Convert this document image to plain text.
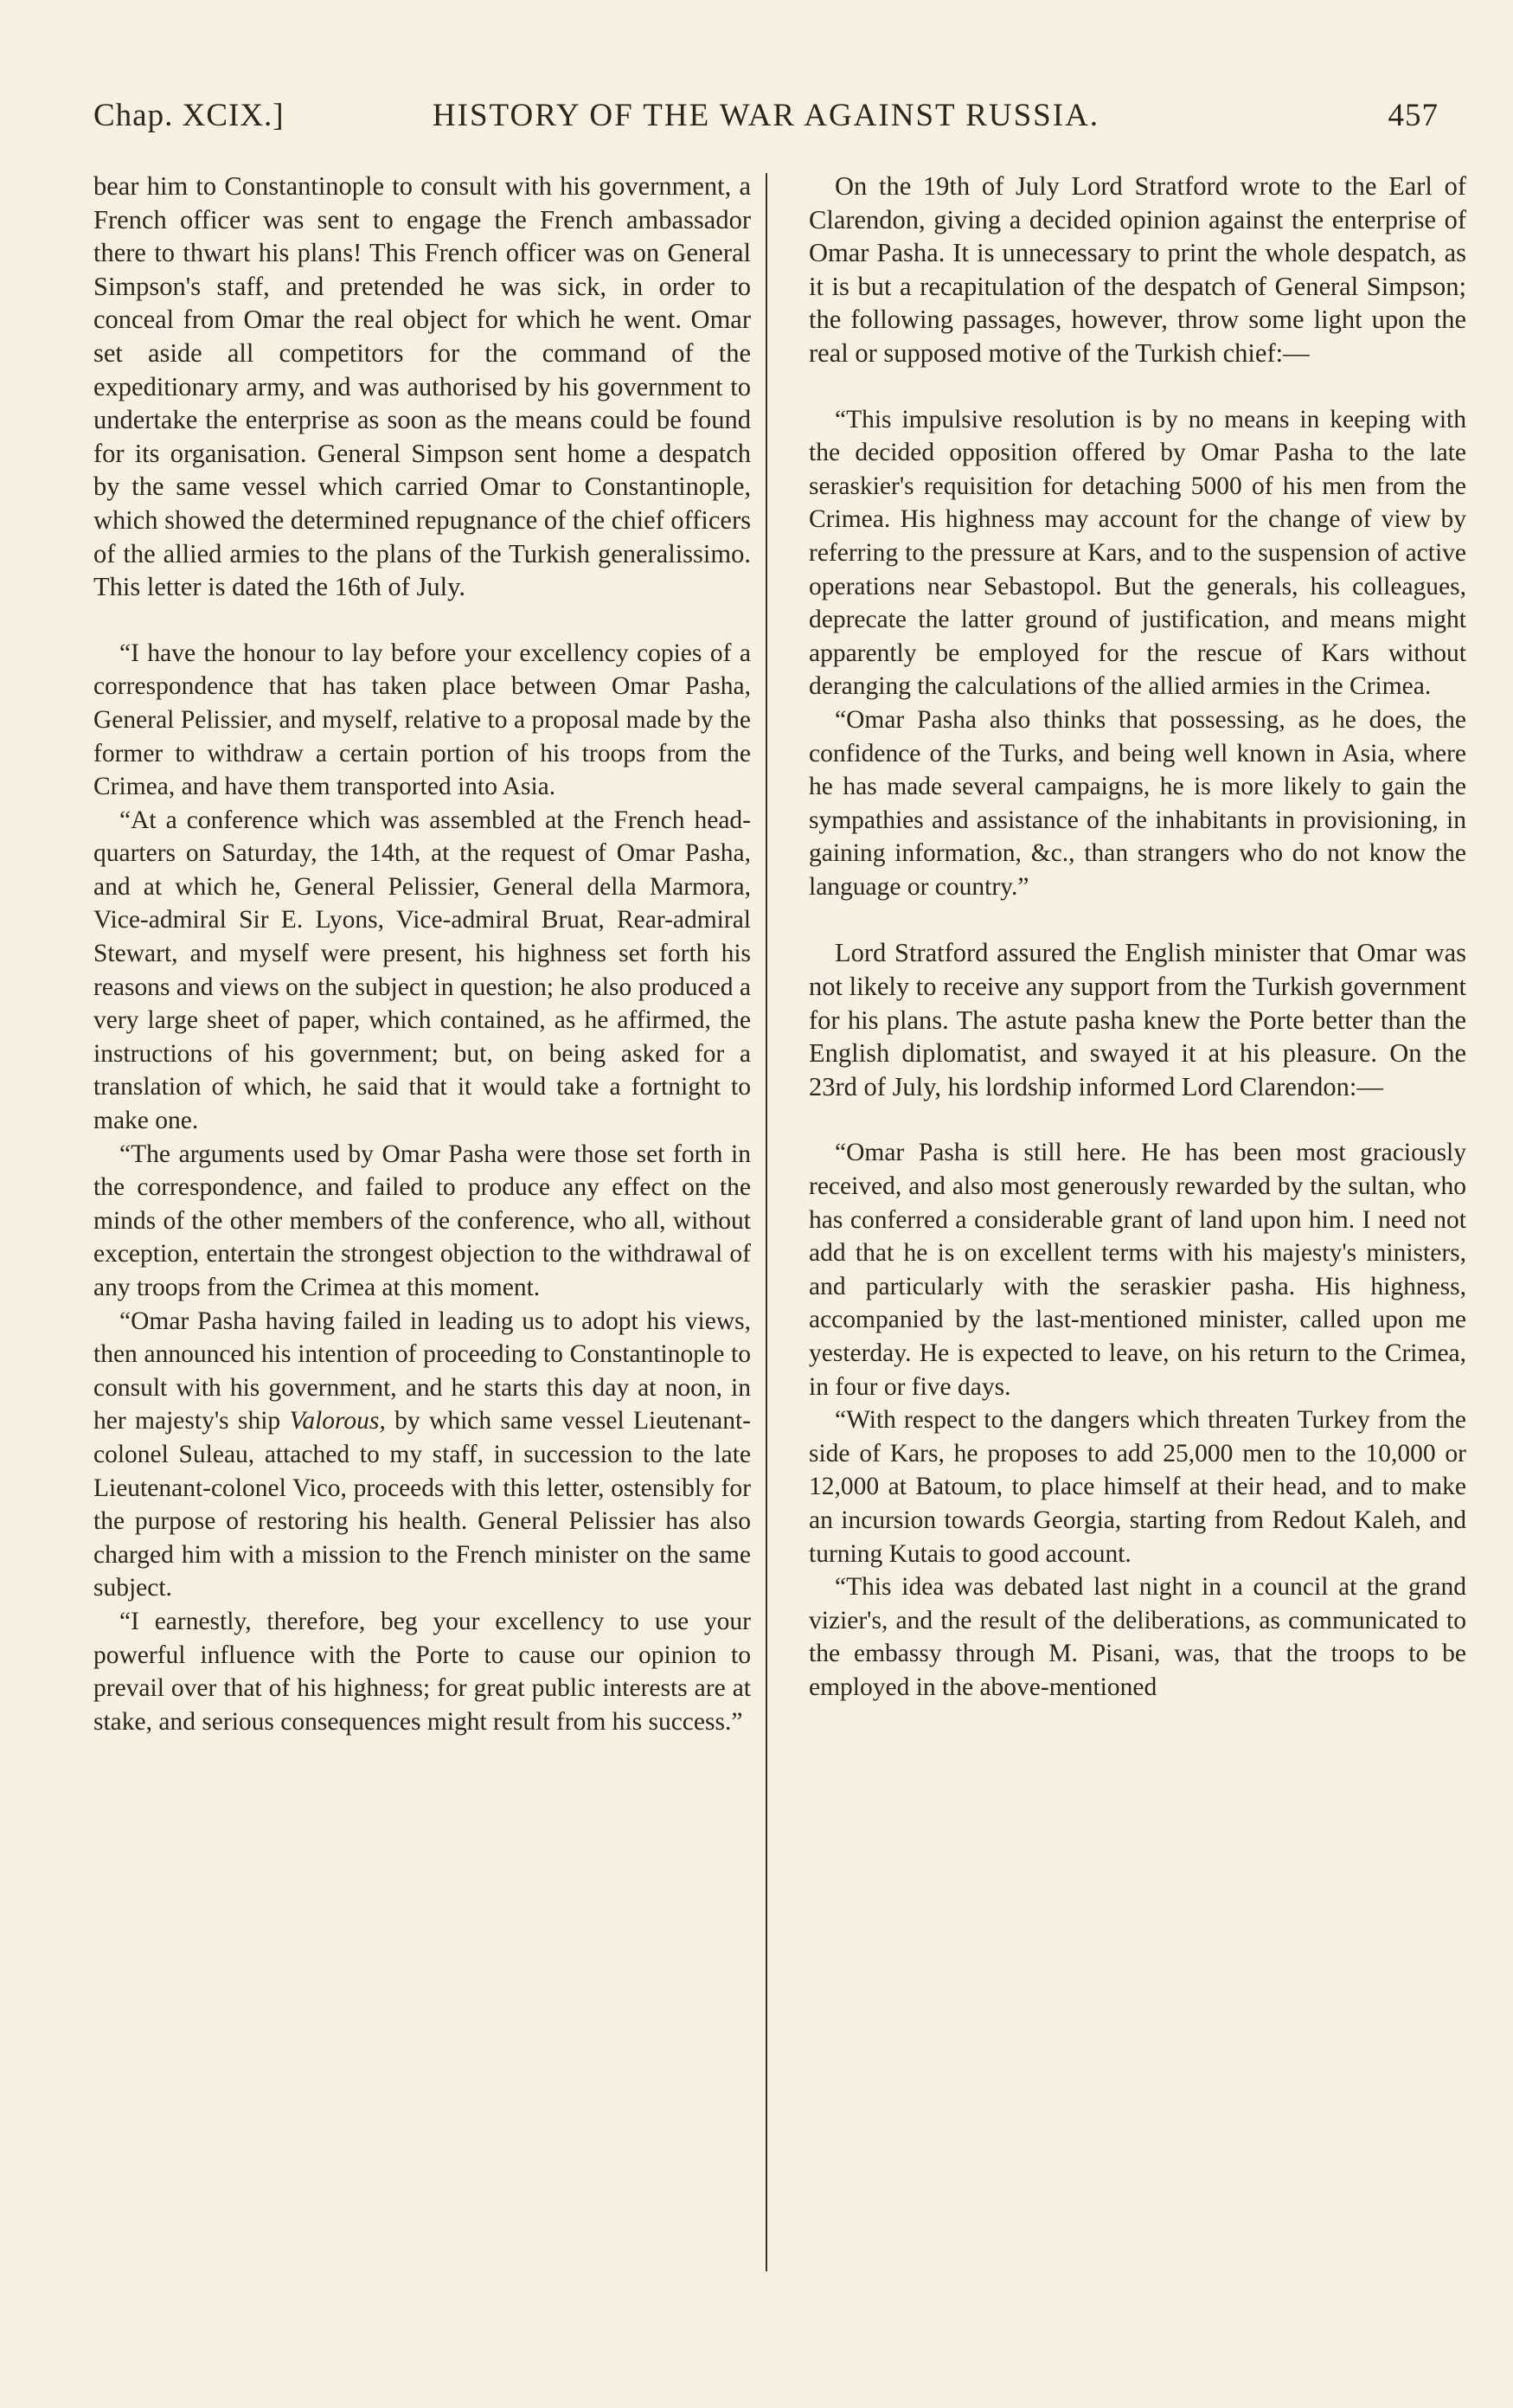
Chap. XCIX.]	HISTORY OF THE WAR AGAINST RUSSIA.	457

bear him to Constantinople to consult with his government, a French officer was sent to engage the French ambassador there to thwart his plans! This French officer was on General Simpson's staff, and pretended he was sick, in order to conceal from Omar the real object for which he went. Omar set aside all competitors for the command of the expeditionary army, and was authorised by his government to undertake the enterprise as soon as the means could be found for its organisation. General Simpson sent home a despatch by the same vessel which carried Omar to Constantinople, which showed the determined repugnance of the chief officers of the allied armies to the plans of the Turkish generalissimo. This letter is dated the 16th of July.

“I have the honour to lay before your excellency copies of a correspondence that has taken place between Omar Pasha, General Pelissier, and myself, relative to a proposal made by the former to withdraw a certain portion of his troops from the Crimea, and have them transported into Asia.

“At a conference which was assembled at the French head-quarters on Saturday, the 14th, at the request of Omar Pasha, and at which he, General Pelissier, General della Marmora, Vice-admiral Sir E. Lyons, Vice-admiral Bruat, Rear-admiral Stewart, and myself were present, his highness set forth his reasons and views on the subject in question; he also produced a very large sheet of paper, which contained, as he affirmed, the instructions of his government; but, on being asked for a translation of which, he said that it would take a fortnight to make one.

“The arguments used by Omar Pasha were those set forth in the correspondence, and failed to produce any effect on the minds of the other members of the conference, who all, without exception, entertain the strongest objection to the withdrawal of any troops from the Crimea at this moment.

“Omar Pasha having failed in leading us to adopt his views, then announced his intention of proceeding to Constantinople to consult with his government, and he starts this day at noon, in her majesty's ship Valorous, by which same vessel Lieutenant-colonel Suleau, attached to my staff, in succession to the late Lieutenant-colonel Vico, proceeds with this letter, ostensibly for the purpose of restoring his health. General Pelissier has also charged him with a mission to the French minister on the same subject.

“I earnestly, therefore, beg your excellency to use your powerful influence with the Porte to cause our opinion to prevail over that of his highness; for great public interests are at stake, and serious consequences might result from his success.”

On the 19th of July Lord Stratford wrote to the Earl of Clarendon, giving a decided opinion against the enterprise of Omar Pasha. It is unnecessary to print the whole despatch, as it is but a recapitulation of the despatch of General Simpson; the following passages, however, throw some light upon the real or supposed motive of the Turkish chief:—

“This impulsive resolution is by no means in keeping with the decided opposition offered by Omar Pasha to the late seraskier's requisition for detaching 5000 of his men from the Crimea. His highness may account for the change of view by referring to the pressure at Kars, and to the suspension of active operations near Sebastopol. But the generals, his colleagues, deprecate the latter ground of justification, and means might apparently be employed for the rescue of Kars without deranging the calculations of the allied armies in the Crimea.

“Omar Pasha also thinks that possessing, as he does, the confidence of the Turks, and being well known in Asia, where he has made several campaigns, he is more likely to gain the sympathies and assistance of the inhabitants in provisioning, in gaining information, &c., than strangers who do not know the language or country.”

Lord Stratford assured the English minister that Omar was not likely to receive any support from the Turkish government for his plans. The astute pasha knew the Porte better than the English diplomatist, and swayed it at his pleasure. On the 23rd of July, his lordship informed Lord Clarendon:—

“Omar Pasha is still here. He has been most graciously received, and also most generously rewarded by the sultan, who has conferred a considerable grant of land upon him. I need not add that he is on excellent terms with his majesty's ministers, and particularly with the seraskier pasha. His highness, accompanied by the last-mentioned minister, called upon me yesterday. He is expected to leave, on his return to the Crimea, in four or five days.

“With respect to the dangers which threaten Turkey from the side of Kars, he proposes to add 25,000 men to the 10,000 or 12,000 at Batoum, to place himself at their head, and to make an incursion towards Georgia, starting from Redout Kaleh, and turning Kutais to good account.

“This idea was debated last night in a council at the grand vizier's, and the result of the deliberations, as communicated to the embassy through M. Pisani, was, that the troops to be employed in the above-mentioned
